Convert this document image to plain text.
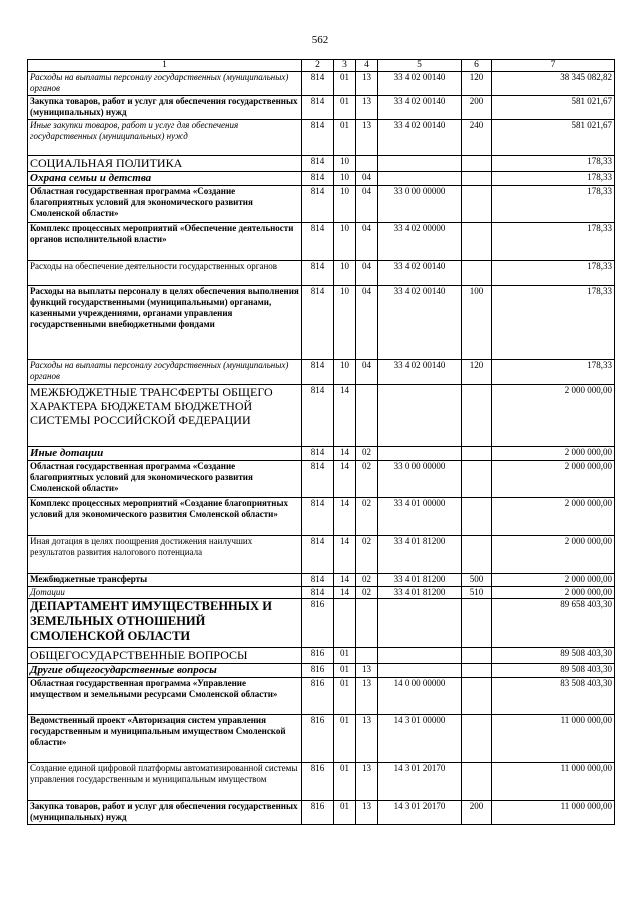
562
1	2	3	4	5	6	7
Расходы на выплаты персоналу государственных (муниципальных) органов	814	01	13	33 4 02 00140	120	38 345 082,82
Закупка товаров, работ и услуг для обеспечения государственных (муниципальных) нужд	814	01	13	33 4 02 00140	200	581 021,67
Иные закупки товаров, работ и услуг для обеспечения государственных (муниципальных) нужд	814	01	13	33 4 02 00140	240	581 021,67
СОЦИАЛЬНАЯ ПОЛИТИКА	814	10				178,33
Охрана семьи и детства	814	10	04			178,33
Областная государственная программа «Создание благоприятных условий для экономического развития Смоленской области»	814	10	04	33 0 00 00000		178,33
Комплекс процессных мероприятий «Обеспечение деятельности органов исполнительной власти»	814	10	04	33 4 02 00000		178,33
Расходы на обеспечение деятельности государственных органов	814	10	04	33 4 02 00140		178,33
Расходы на выплаты персоналу в целях обеспечения выполнения функций государственными (муниципальными) органами, казенными учреждениями, органами управления государственными внебюджетными фондами	814	10	04	33 4 02 00140	100	178,33
Расходы на выплаты персоналу государственных (муниципальных) органов	814	10	04	33 4 02 00140	120	178,33
МЕЖБЮДЖЕТНЫЕ ТРАНСФЕРТЫ ОБЩЕГО ХАРАКТЕРА БЮДЖЕТАМ БЮДЖЕТНОЙ СИСТЕМЫ РОССИЙСКОЙ ФЕДЕРАЦИИ	814	14				2 000 000,00
Иные дотации	814	14	02			2 000 000,00
Областная государственная программа «Создание благоприятных условий для экономического развития Смоленской области»	814	14	02	33 0 00 00000		2 000 000,00
Комплекс процессных мероприятий «Создание благоприятных условий для экономического развития Смоленской области»	814	14	02	33 4 01 00000		2 000 000,00
Иная дотация в целях поощрения достижения наилучших результатов развития налогового потенциала	814	14	02	33 4 01 81200		2 000 000,00
Межбюджетные трансферты	814	14	02	33 4 01 81200	500	2 000 000,00
Дотации	814	14	02	33 4 01 81200	510	2 000 000,00
ДЕПАРТАМЕНТ ИМУЩЕСТВЕННЫХ И ЗЕМЕЛЬНЫХ ОТНОШЕНИЙ СМОЛЕНСКОЙ ОБЛАСТИ	816					89 658 403,30
ОБЩЕГОСУДАРСТВЕННЫЕ ВОПРОСЫ	816	01				89 508 403,30
Другие общегосударственные вопросы	816	01	13			89 508 403,30
Областная государственная программа «Управление имуществом и земельными ресурсами Смоленской области»	816	01	13	14 0 00 00000		83 508 403,30
Ведомственный проект «Авторизация систем управления государственным и муниципальным имуществом Смоленской области»	816	01	13	14 3 01 00000		11 000 000,00
Создание единой цифровой платформы автоматизированной системы управления государственным и муниципальным имуществом	816	01	13	14 3 01 20170		11 000 000,00
Закупка товаров, работ и услуг для обеспечения государственных (муниципальных) нужд	816	01	13	14 3 01 20170	200	11 000 000,00
